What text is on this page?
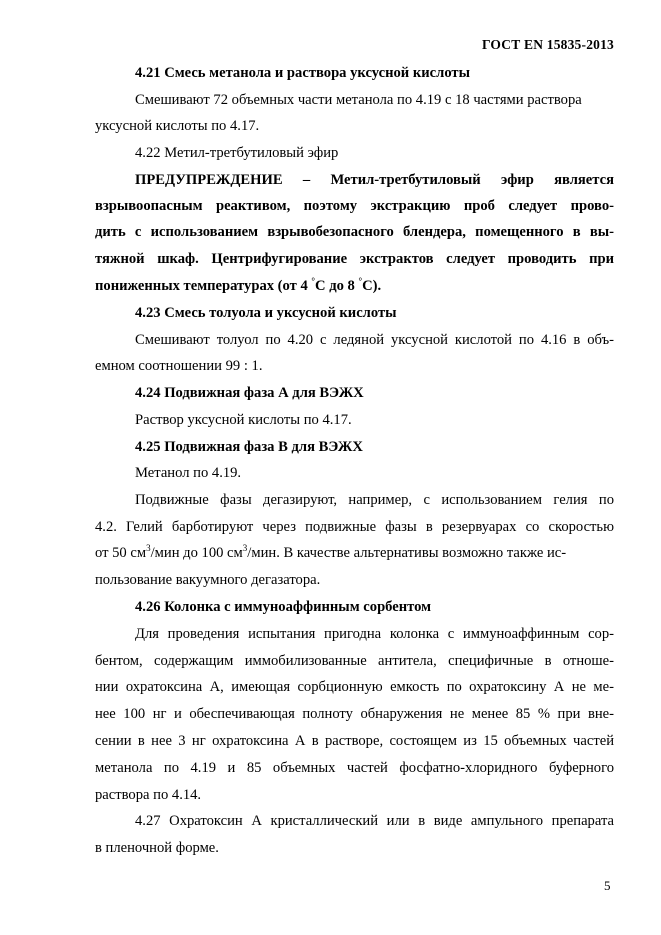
ГОСТ EN 15835-2013
4.21 Смесь метанола и раствора уксусной кислоты
Смешивают 72 объемных части метанола по 4.19 с 18 частями раствора
уксусной кислоты по 4.17.
4.22 Метил-третбутиловый эфир
ПРЕДУПРЕЖДЕНИЕ – Метил-третбутиловый эфир является
взрывоопасным реактивом, поэтому экстракцию проб следует прово-
дить с использованием взрывобезопасного блендера, помещенного в вы-
тяжной шкаф. Центрифугирование экстрактов следует проводить при
пониженных температурах (от 4 °С до 8 °С).
4.23 Смесь толуола и уксусной кислоты
Смешивают толуол по 4.20 с ледяной уксусной кислотой по 4.16 в объ-
емном соотношении 99 : 1.
4.24 Подвижная фаза А для ВЭЖХ
Раствор уксусной кислоты по 4.17.
4.25 Подвижная фаза В для ВЭЖХ
Метанол по 4.19.
Подвижные фазы дегазируют, например, с использованием гелия по
4.2. Гелий барботируют через подвижные фазы в резервуарах со скоростью
от 50 $см^3$/мин до 100 $см^3$/мин. В качестве альтернативы возможно также ис-
пользование вакуумного дегазатора.
4.26 Колонка с иммуноаффинным сорбентом
Для проведения испытания пригодна колонка с иммуноаффинным сор-
бентом, содержащим иммобилизованные антитела, специфичные в отноше-
нии охратоксина А, имеющая сорбционную емкость по охратоксину А не ме-
нее 100 нг и обеспечивающая полноту обнаружения не менее 85 % при вне-
сении в нее 3 нг охратоксина А в растворе, состоящем из 15 объемных частей
метанола по 4.19 и 85 объемных частей фосфатно-хлоридного буферного
раствора по 4.14.
4.27 Охратоксин А кристаллический или в виде ампульного препарата
в пленочной форме.
5
